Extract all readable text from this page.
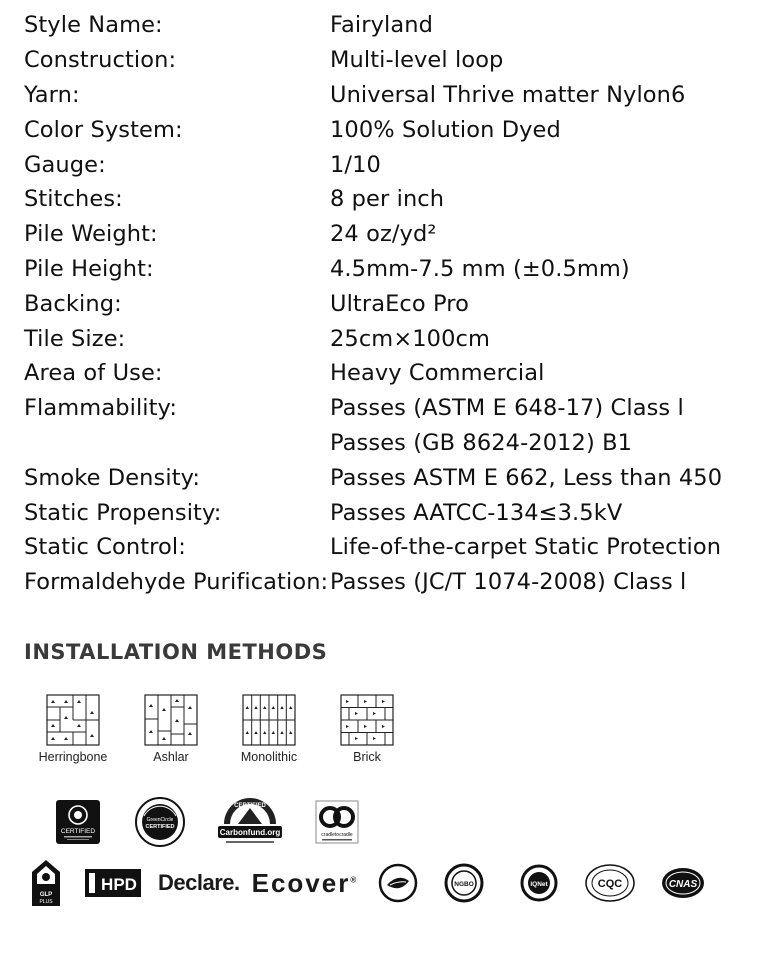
Style Name:	Fairyland
Construction:	Multi-level loop
Yarn:	Universal Thrive matter Nylon6
Color System:	100% Solution Dyed
Gauge:	1/10
Stitches:	8 per inch
Pile Weight:	24 oz/yd²
Pile Height:	4.5mm-7.5 mm (±0.5mm)
Backing:	UltraEco Pro
Tile Size:	25cm×100cm
Area of Use:	Heavy Commercial
Flammability:	Passes (ASTM E 648-17) Class l
Passes (GB 8624-2012) B1
Smoke Density:	Passes ASTM E 662, Less than 450
Static Propensity:	Passes AATCC-134≤3.5kV
Static Control:	Life-of-the-carpet Static Protection
Formaldehyde Purification: Passes (JC/T 1074-2008) Class l
INSTALLATION METHODS
Herringbone	Ashlar	Monolithic	Brick
CERTIFIED
GreenCircle
CERTIFIED
CERTIFIED
Carbonfund.org	cradletocradle
GLP
PLUS
HPD Declare. Ecover®
NGBO	IQNet	CQC	CNAS
